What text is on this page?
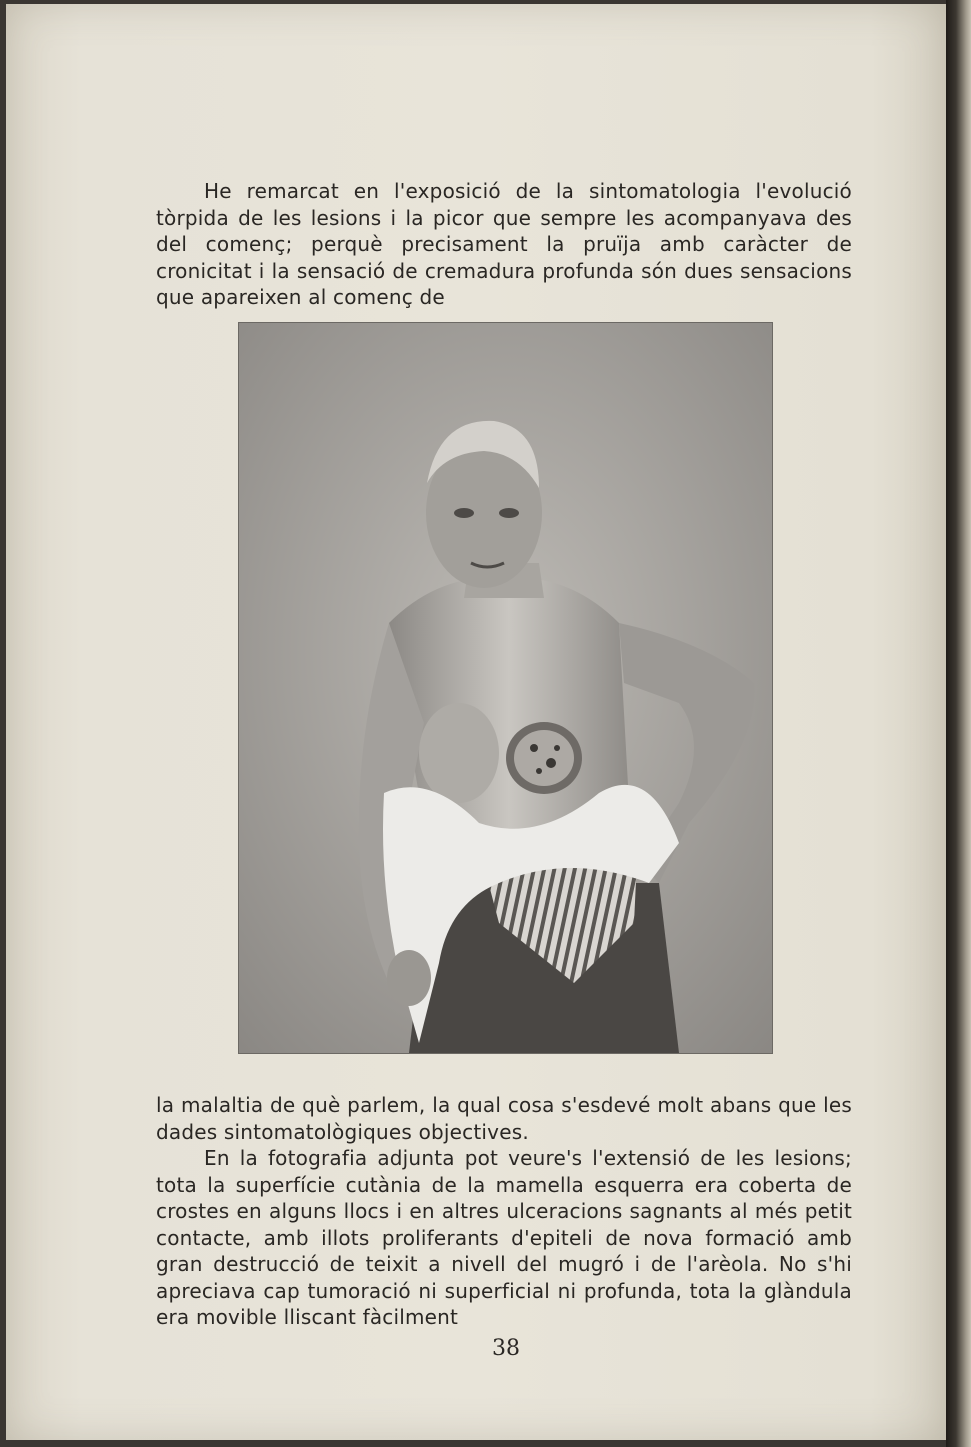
He remarcat en l'exposició de la sintomatologia l'evolució tòrpida de les lesions i la picor que sempre les acompanyava des del començ; perquè precisament la pruïja amb caràcter de cronicitat i la sensació de cremadura profunda són dues sensacions que apareixen al començ de

la malaltia de què parlem, la qual cosa s'esdevé molt abans que les dades sintomatològiques objectives.

En la fotografia adjunta pot veure's l'extensió de les lesions; tota la superfície cutània de la mamella esquerra era coberta de crostes en alguns llocs i en altres ulceracions sagnants al més petit contacte, amb illots proliferants d'epiteli de nova formació amb gran destrucció de teixit a nivell del mugró i de l'arèola. No s'hi apreciava cap tumoració ni superficial ni profunda, tota la glàndula era movible lliscant fàcilment

38
